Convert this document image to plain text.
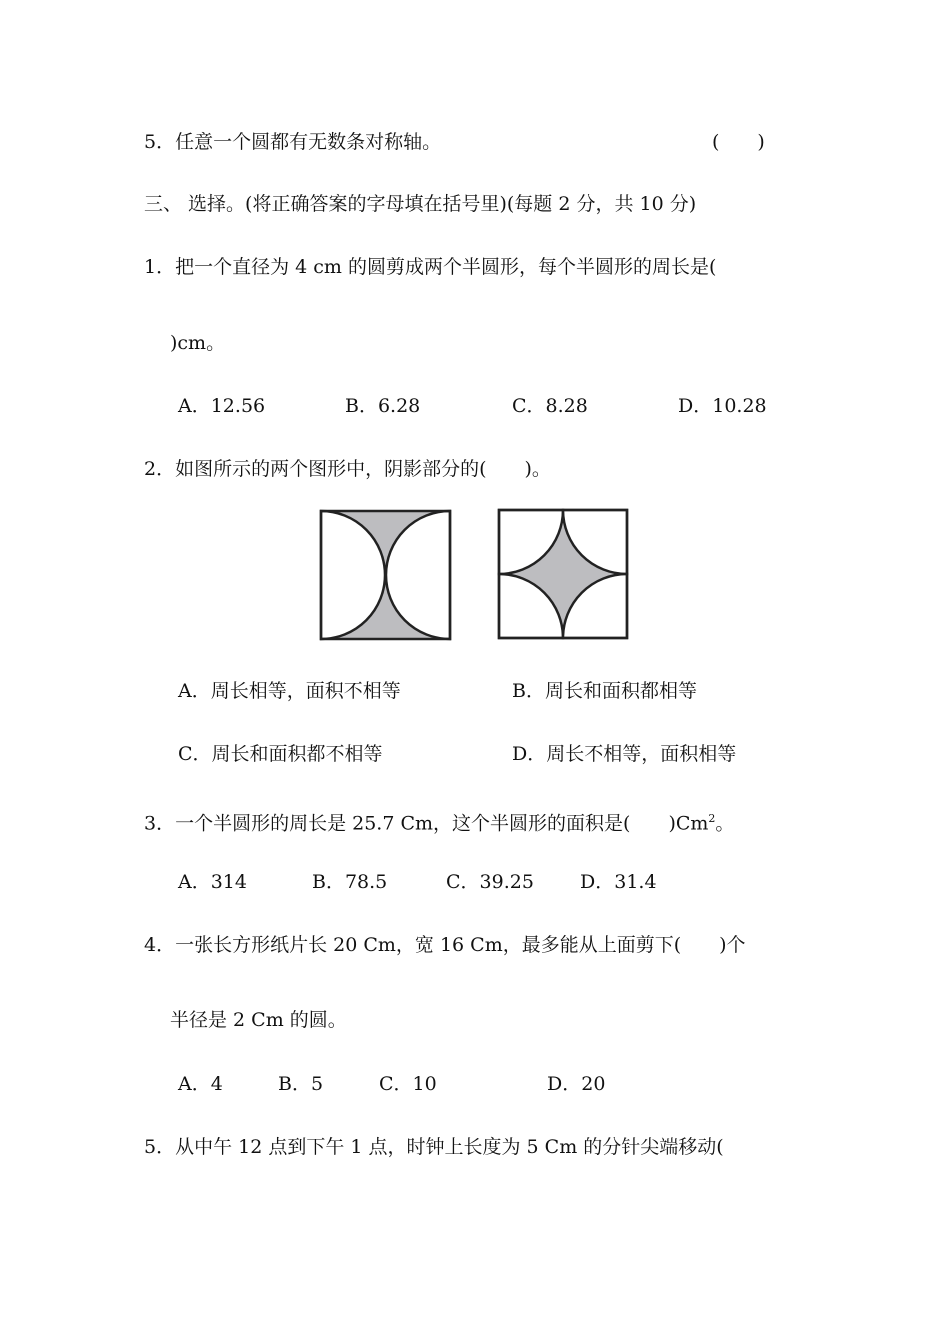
5．任意一个圆都有无数条对称轴。	(　　)
三、 选择。(将正确答案的字母填在括号里)(每题 2 分，共 10 分)
1．把一个直径为 4 cm 的圆剪成两个半圆形，每个半圆形的周长是(
)cm。
A．12.56	B．6.28	C．8.28	D．10.28
2．如图所示的两个图形中，阴影部分的(　　)。
A．周长相等，面积不相等	B．周长和面积都相等
C．周长和面积都不相等	D．周长不相等，面积相等
3．一个半圆形的周长是 25.7 Cm，这个半圆形的面积是(　　)Cm$^2$。
A．314	B．78.5	C．39.25 D．31.4
4．一张长方形纸片长 20 Cm，宽 16 Cm，最多能从上面剪下(　　)个
半径是 2 Cm 的圆。
A．4	B．5	C．10	D．20
5．从中午 12 点到下午 1 点，时钟上长度为 5 Cm 的分针尖端移动(
